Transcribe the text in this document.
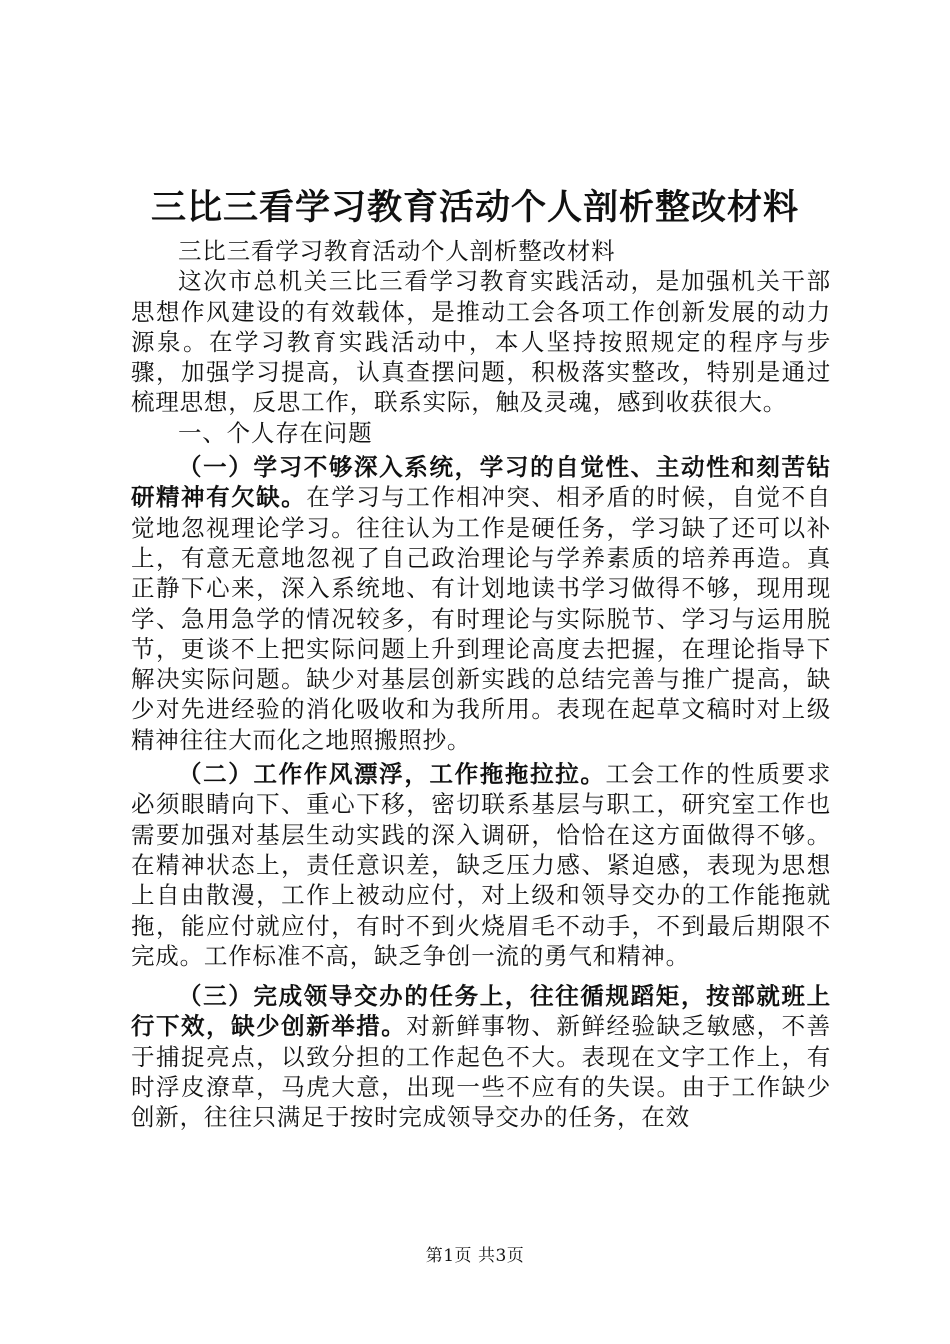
三比三看学习教育活动个人剖析整改材料

三比三看学习教育活动个人剖析整改材料

这次市总机关三比三看学习教育实践活动，是加强机关干部思想作风建设的有效载体，是推动工会各项工作创新发展的动力源泉。在学习教育实践活动中，本人坚持按照规定的程序与步骤，加强学习提高，认真查摆问题，积极落实整改，特别是通过梳理思想，反思工作，联系实际，触及灵魂，感到收获很大。

一、个人存在问题

（一）学习不够深入系统，学习的自觉性、主动性和刻苦钻研精神有欠缺。在学习与工作相冲突、相矛盾的时候，自觉不自觉地忽视理论学习。往往认为工作是硬任务，学习缺了还可以补上，有意无意地忽视了自己政治理论与学养素质的培养再造。真正静下心来，深入系统地、有计划地读书学习做得不够，现用现学、急用急学的情况较多，有时理论与实际脱节、学习与运用脱节，更谈不上把实际问题上升到理论高度去把握，在理论指导下解决实际问题。缺少对基层创新实践的总结完善与推广提高，缺少对先进经验的消化吸收和为我所用。表现在起草文稿时对上级精神往往大而化之地照搬照抄。

（二）工作作风漂浮，工作拖拖拉拉。工会工作的性质要求必须眼睛向下、重心下移，密切联系基层与职工，研究室工作也需要加强对基层生动实践的深入调研，恰恰在这方面做得不够。在精神状态上，责任意识差，缺乏压力感、紧迫感，表现为思想上自由散漫，工作上被动应付，对上级和领导交办的工作能拖就拖，能应付就应付，有时不到火烧眉毛不动手，不到最后期限不完成。工作标准不高，缺乏争创一流的勇气和精神。

（三）完成领导交办的任务上，往往循规蹈矩，按部就班上行下效，缺少创新举措。对新鲜事物、新鲜经验缺乏敏感，不善于捕捉亮点，以致分担的工作起色不大。表现在文字工作上，有时浮皮潦草，马虎大意，出现一些不应有的失误。由于工作缺少创新，往往只满足于按时完成领导交办的任务，在效

第1页 共3页
